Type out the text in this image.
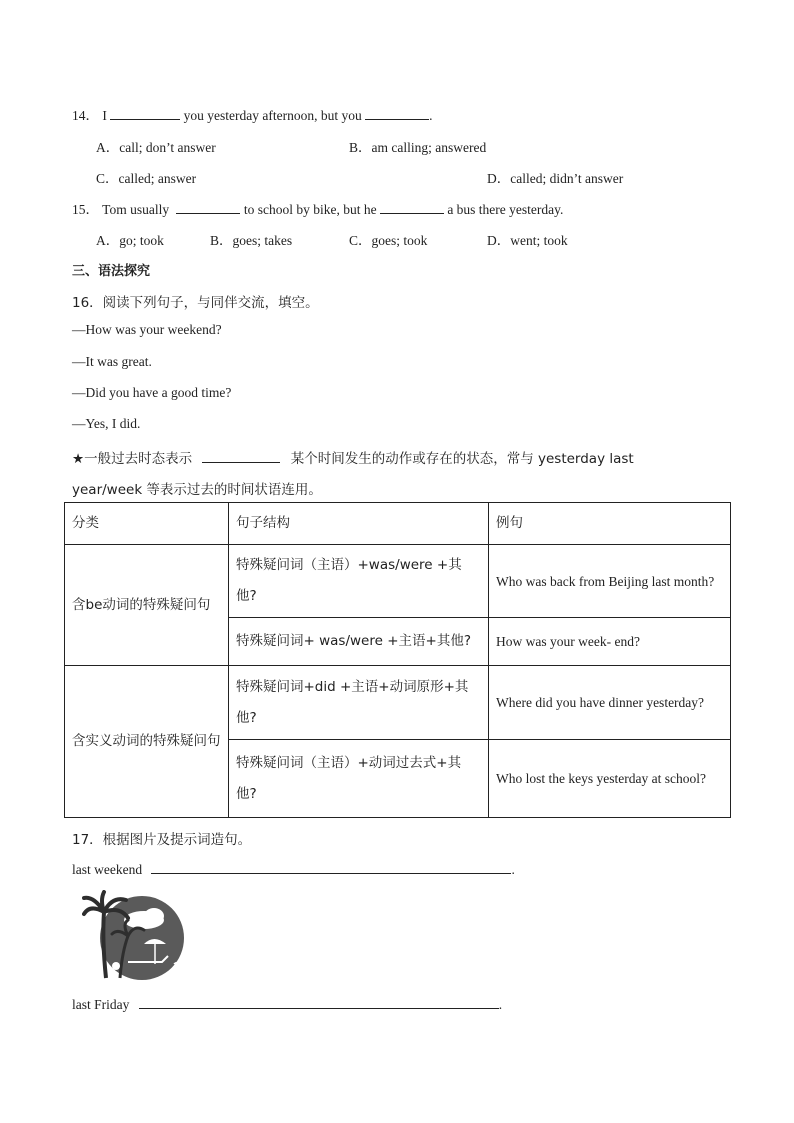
14． I	you yesterday afternoon, but you	.
A．call; don’t answer	B．am calling; answered
C．called; answer	D．called; didn’t answer
15． Tom usually	to school by bike, but he	a bus there yesterday.
A．go; took	B．goes; takes	C．goes; took	D．went; took
三、语法探究
16．阅读下列句子，与同伴交流，填空。
—How was your weekend?
—It was great.
—Did you have a good time?
—Yes, I did.
★一般过去时态表示	某个时间发生的动作或存在的状态，常与 yesterday last
year/week 等表示过去的时间状语连用。
分类	句子结构	例句
含be动词的特殊疑问句	特殊疑问词（主语）+was/were +其他?	Who was back from Beijing last month?
	特殊疑问词+ was/were +主语+其他?	How was your week- end?
含实义动词的特殊疑问句	特殊疑问词+did +主语+动词原形+其他?	Where did you have dinner yesterday?
	特殊疑问词（主语）+动词过去式+其他?	Who lost the keys yesterday at school?
17．根据图片及提示词造句。
last weekend	.
last Friday	.
